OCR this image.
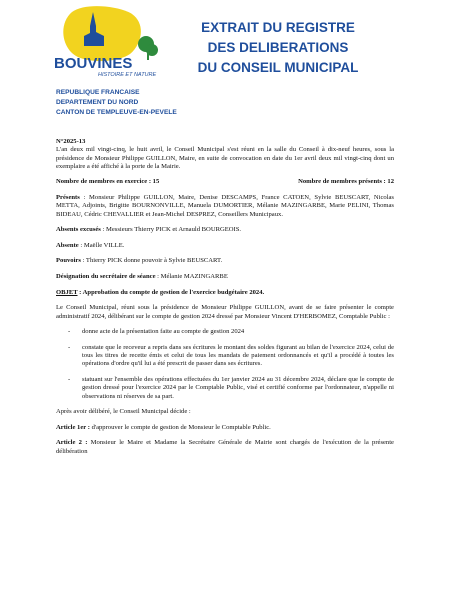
BOUVINES
HISTOIRE ET NATURE
EXTRAIT DU REGISTRE
DES DELIBERATIONS
DU CONSEIL MUNICIPAL
REPUBLIQUE FRANCAISE
DEPARTEMENT DU NORD
CANTON DE TEMPLEUVE-EN-PEVELE

N°2025-13

L'an deux mil vingt-cinq, le huit avril, le Conseil Municipal s'est réuni en la salle du Conseil à dix-neuf heures, sous la présidence de Monsieur Philippe GUILLON, Maire, en suite de convocation en date du 1er avril deux mil vingt-cinq dont un exemplaire a été affiché à la porte de la Mairie.

Nombre de membres en exercice : 15	Nombre de membres présents : 12

Présents : Monsieur Philippe GUILLON, Maire, Denise DESCAMPS, France CATOEN, Sylvie BEUSCART, Nicolas METTA, Adjoints, Brigitte BOURNONVILLE, Manuela DUMORTIER, Mélanie MAZINGARBE, Marie PELINI, Thomas BIDEAU, Cédric CHEVALLIER et Jean-Michel DESPREZ, Conseillers Municipaux.

Absents excusés : Messieurs Thierry PICK et Arnauld BOURGEOIS.

Absente : Maëlle VILLE.

Pouvoirs : Thierry PICK donne pouvoir à Sylvie BEUSCART.

Désignation du secrétaire de séance : Mélanie MAZINGARBE

OBJET : Approbation du compte de gestion de l'exercice budgétaire 2024.

Le Conseil Municipal, réuni sous la présidence de Monsieur Philippe GUILLON, avant de se faire présenter le compte administratif 2024, délibérant sur le compte de gestion 2024 dressé par Monsieur Vincent D'HERBOMEZ, Comptable Public :

- donne acte de la présentation faite au compte de gestion 2024
- constate que le receveur a repris dans ses écritures le montant des soldes figurant au bilan de l'exercice 2024, celui de tous les titres de recette émis et celui de tous les mandats de paiement ordonnancés et qu'il a procédé à toutes les opérations d'ordre qu'il lui a été prescrit de passer dans ses écritures.
- statuant sur l'ensemble des opérations effectuées du 1er janvier 2024 au 31 décembre 2024, déclare que le compte de gestion dressé pour l'exercice 2024 par le Comptable Public, visé et certifié conforme par l'ordonnateur, n'appelle ni observations ni réserves de sa part.

Après avoir délibéré, le Conseil Municipal décide :

Article 1er : d'approuver le compte de gestion de Monsieur le Comptable Public.

Article 2 : Monsieur le Maire et Madame la Secrétaire Générale de Mairie sont chargés de l'exécution de la présente délibération
